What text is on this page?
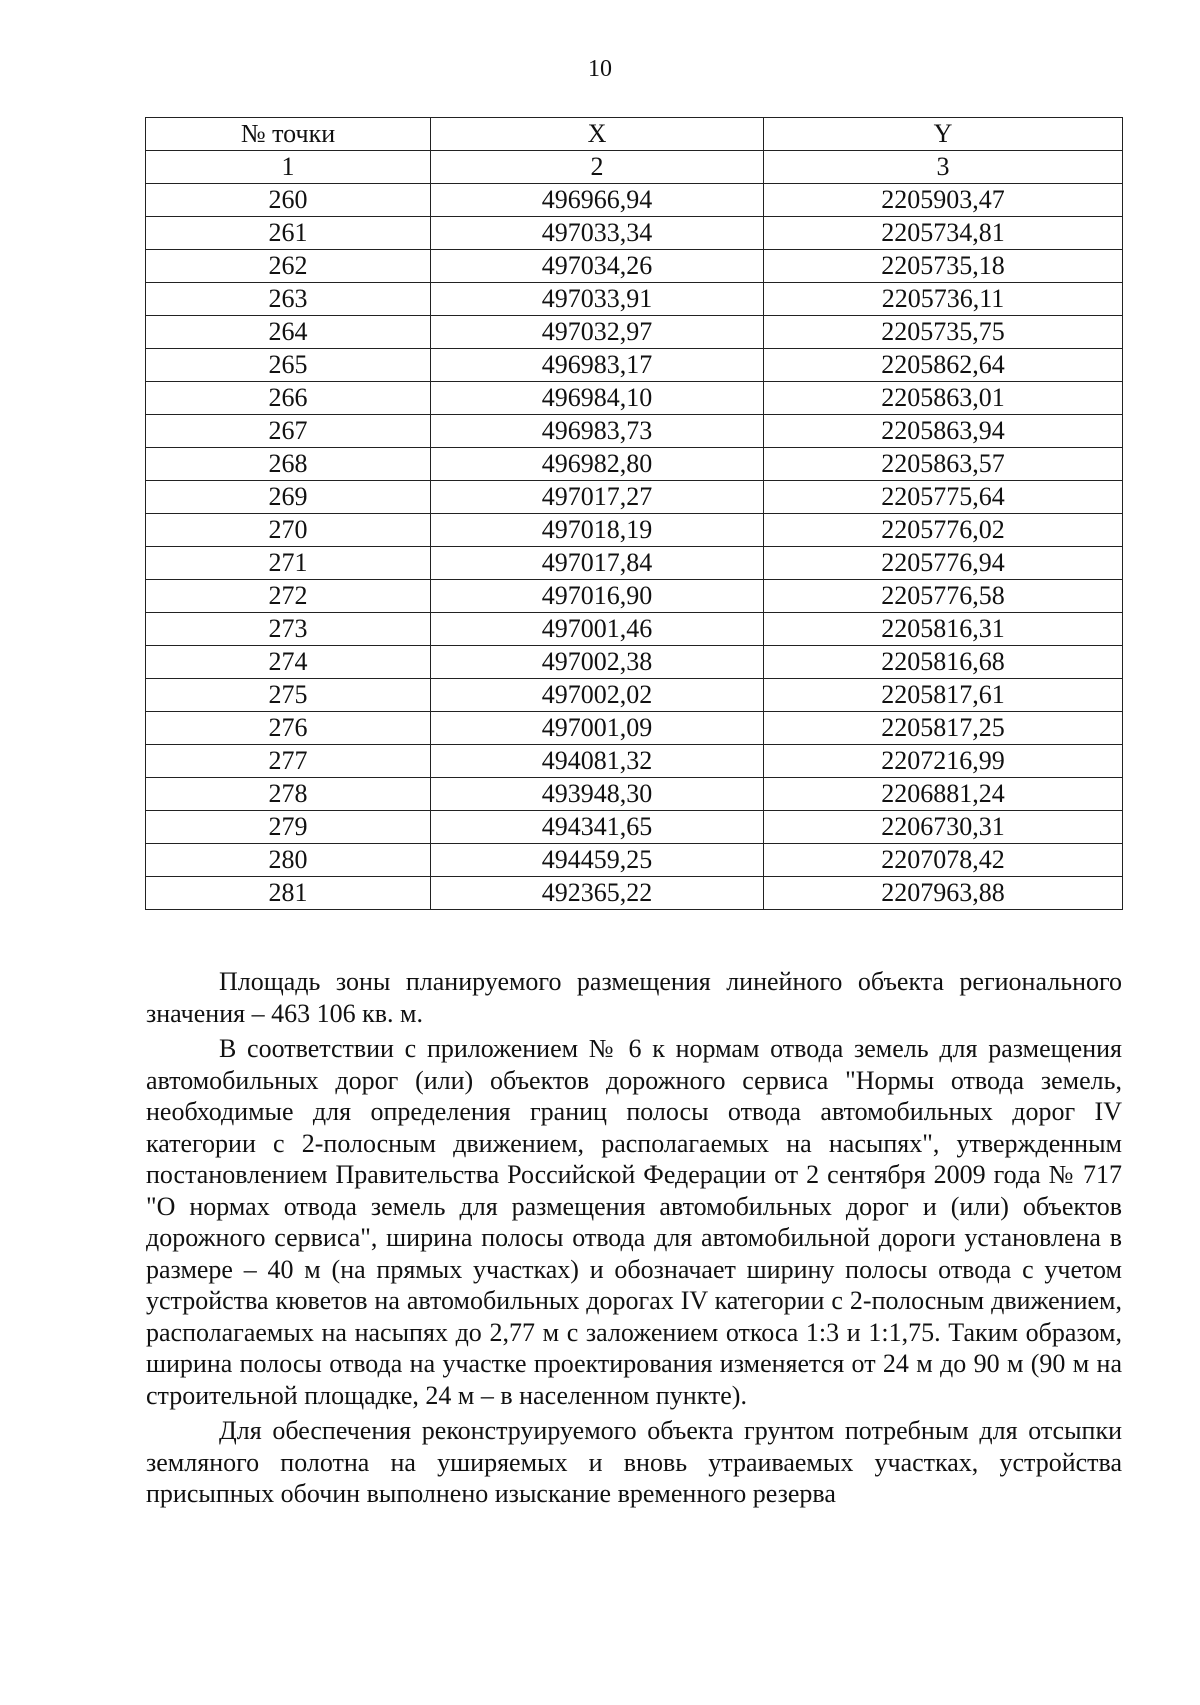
10
№ точки	X	Y
1	2	3
260	496966,94	2205903,47
261	497033,34	2205734,81
262	497034,26	2205735,18
263	497033,91	2205736,11
264	497032,97	2205735,75
265	496983,17	2205862,64
266	496984,10	2205863,01
267	496983,73	2205863,94
268	496982,80	2205863,57
269	497017,27	2205775,64
270	497018,19	2205776,02
271	497017,84	2205776,94
272	497016,90	2205776,58
273	497001,46	2205816,31
274	497002,38	2205816,68
275	497002,02	2205817,61
276	497001,09	2205817,25
277	494081,32	2207216,99
278	493948,30	2206881,24
279	494341,65	2206730,31
280	494459,25	2207078,42
281	492365,22	2207963,88

Площадь зоны планируемого размещения линейного объекта регионального значения – 463 106 кв. м.

В соответствии с приложением № 6 к нормам отвода земель для размещения автомобильных дорог (или) объектов дорожного сервиса "Нормы отвода земель, необходимые для определения границ полосы отвода автомобильных дорог IV категории с 2-полосным движением, располагаемых на насыпях", утвержденным постановлением Правительства Российской Федерации от 2 сентября 2009 года № 717 "О нормах отвода земель для размещения автомобильных дорог и (или) объектов дорожного сервиса", ширина полосы отвода для автомобильной дороги установлена в размере – 40 м (на прямых участках) и обозначает ширину полосы отвода с учетом устройства кюветов на автомобильных дорогах IV категории с 2-полосным движением, располагаемых на насыпях до 2,77 м с заложением откоса 1:3 и 1:1,75. Таким образом, ширина полосы отвода на участке проектирования изменяется от 24 м до 90 м (90 м на строительной площадке, 24 м – в населенном пункте).

Для обеспечения реконструируемого объекта грунтом потребным для отсыпки земляного полотна на уширяемых и вновь утраиваемых участках, устройства присыпных обочин выполнено изыскание временного резерва
